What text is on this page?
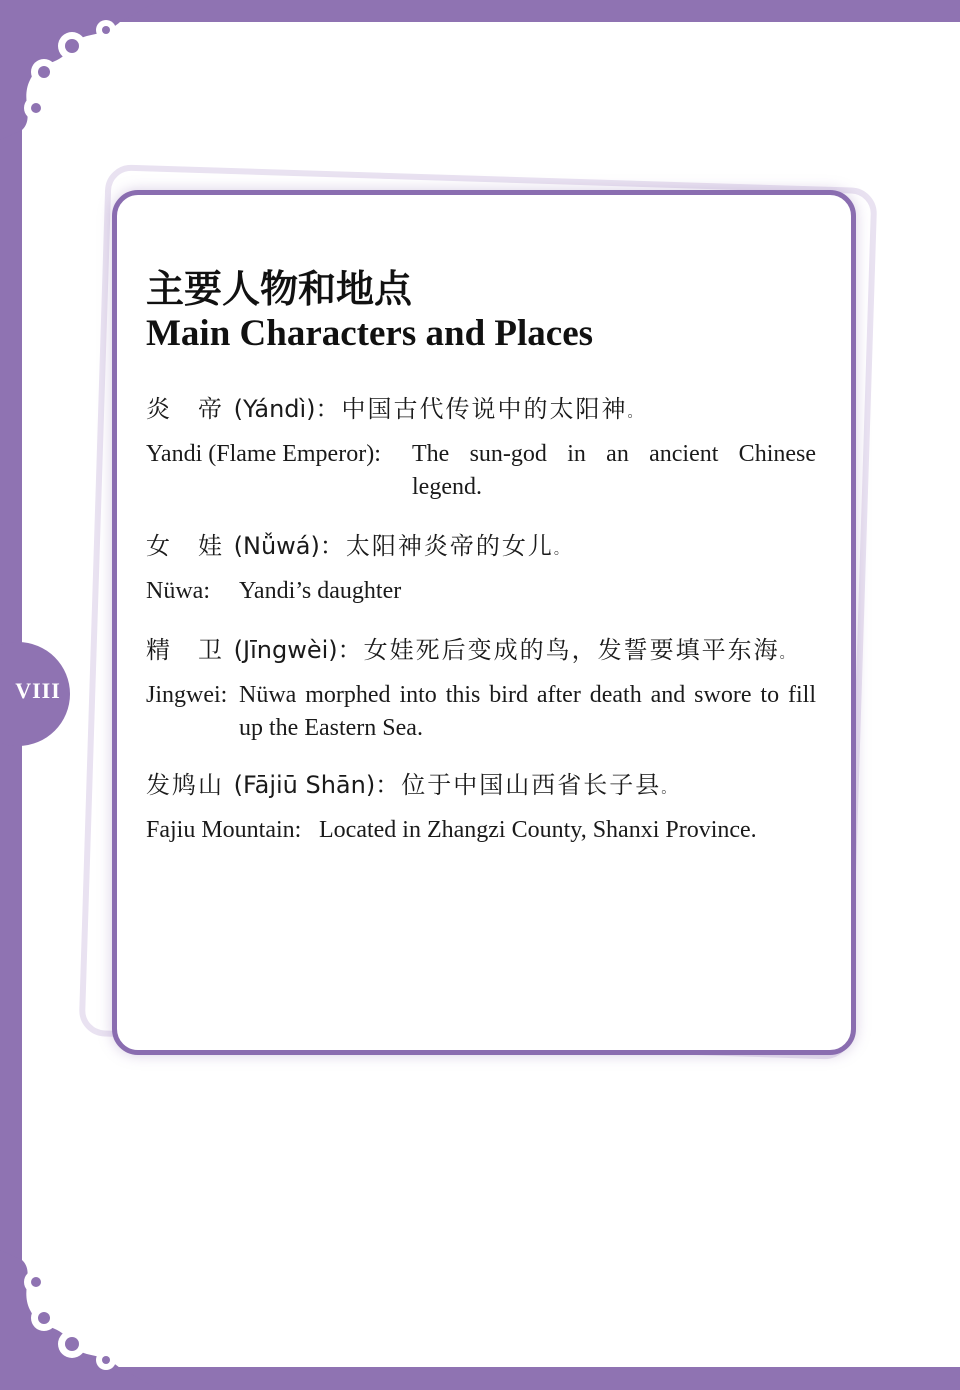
VIII
主要人物和地点
Main Characters and Places
炎　帝 (Yándì)：中国古代传说中的太阳神。
Yandi (Flame Emperor):	The sun-god in an ancient Chinese legend.
女　娃 (Nǚwá)：太阳神炎帝的女儿。
Nüwa:	Yandi’s daughter
精　卫 (Jīngwèi)：女娃死后变成的鸟，发誓要填平东海。
Jingwei: Nüwa morphed into this bird after death and swore to fill up the Eastern Sea.
发鸠山 (Fājiū Shān)：位于中国山西省长子县。
Fajiu Mountain: Located in Zhangzi County, Shanxi Province.
